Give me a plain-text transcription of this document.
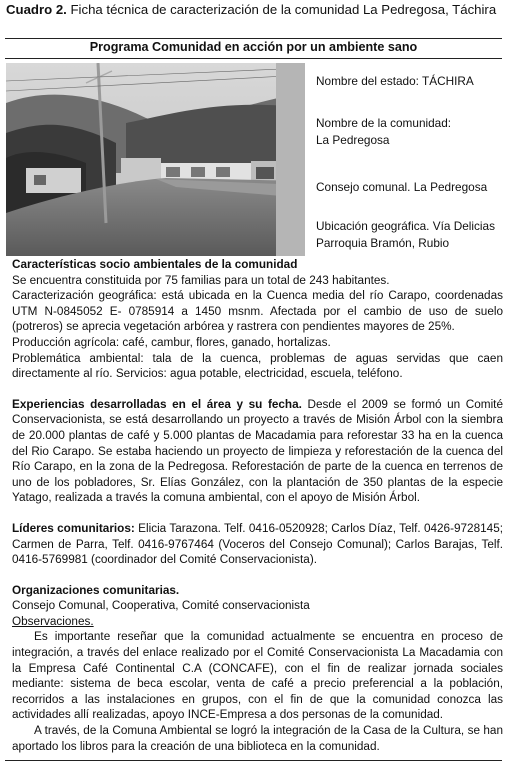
Cuadro 2. Ficha técnica de caracterización de la comunidad La Pedregosa, Táchira
Programa Comunidad en acción por un ambiente sano
Nombre del estado: TÁCHIRA
Nombre de la comunidad:
La Pedregosa
Consejo comunal. La Pedregosa
Ubicación geográfica. Vía Delicias
Parroquia Bramón, Rubio

Características socio ambientales de la comunidad

Se encuentra constituida por 75 familias para un total de 243 habitantes.

Caracterización geográfica: está ubicada en la Cuenca media del río Carapo, coordenadas UTM N-0845052 E- 0785914 a 1450 msnm. Afectada por el cambio de uso de suelo (potreros) se aprecia vegetación arbórea y rastrera con pendientes mayores de 25%.

Producción agrícola: café, cambur, flores, ganado, hortalizas.

Problemática ambiental: tala de la cuenca, problemas de aguas servidas que caen directamente al río. Servicios: agua potable, electricidad, escuela, teléfono.

Experiencias desarrolladas en el área y su fecha. Desde el 2009 se formó un Comité Conservacionista, se está desarrollando un proyecto a través de Misión Árbol con la siembra de 20.000 plantas de café y 5.000 plantas de Macadamia para reforestar 33 ha en la cuenca del Rio Carapo. Se estaba haciendo un proyecto de limpieza y reforestación de la cuenca del Río Carapo, en la zona de la Pedregosa. Reforestación de parte de la cuenca en terrenos de uno de los pobladores, Sr. Elías González, con la plantación de 350 plantas de la especie Yatago, realizada a través la comuna ambiental, con el apoyo de Misión Árbol.

Líderes comunitarios: Elicia Tarazona. Telf. 0416-0520928; Carlos Díaz, Telf. 0426-9728145; Carmen de Parra, Telf. 0416-9767464 (Voceros del Consejo Comunal); Carlos Barajas, Telf. 0416-5769981 (coordinador del Comité Conservacionista).

Organizaciones comunitarias.

Consejo Comunal, Cooperativa, Comité conservacionista

Observaciones.

Es importante reseñar que la comunidad actualmente se encuentra en proceso de integración, a través del enlace realizado por el Comité Conservacionista La Macadamia con la Empresa Café Continental C.A (CONCAFE), con el fin de realizar jornada sociales mediante: sistema de beca escolar, venta de café a precio preferencial a la población, recorridos a las instalaciones en grupos, con el fin de que la comunidad conozca las actividades allí realizadas, apoyo INCE-Empresa a dos personas de la comunidad.

A través, de la Comuna Ambiental se logró la integración de la Casa de la Cultura, se han aportado los libros para la creación de una biblioteca en la comunidad.
